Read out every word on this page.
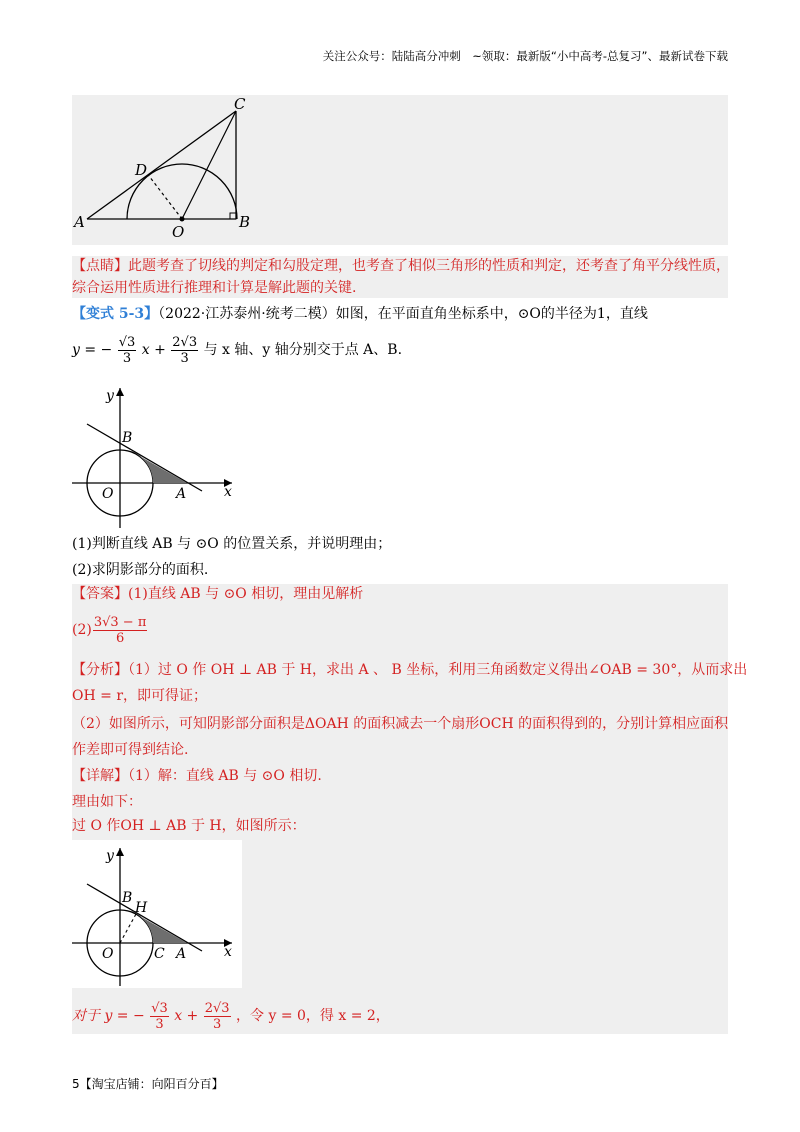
关注公众号：陆陆高分冲刺　~领取：最新版“小中高考-总复习”、最新试卷下载
A	B
C
D
O
【点睛】此题考查了切线的判定和勾股定理，也考查了相似三角形的性质和判定，还考查了角平分线性质，
综合运用性质进行推理和计算是解此题的关键.
【变式 5-3】（2022·江苏泰州·统考二模）如图，在平面直角坐标系中，⊙O的半径为1，直线
y = − $\frac{√3}{3}$ $x + \frac{2√3}{3}$ 与 x 轴、y 轴分别交于点 A、B.
y
B
O	A	x
(1)判断直线 AB 与 ⊙O 的位置关系，并说明理由；
(2)求阴影部分的面积.
【答案】(1)直线 AB 与 ⊙O 相切，理由见解析
$(2) \frac{3√3 - \pi}{6}$
【分析】（1）过 O 作 OH ⊥ AB 于 H，求出 A 、 B 坐标，利用三角函数定义得出∠OAB = 30°，从而求出
OH = r，即可得证；
（2）如图所示，可知阴影部分面积是ΔOAH 的面积减去一个扇形OCH 的面积得到的，分别计算相应面积
作差即可得到结论.
【详解】（1）解：直线 AB 与 ⊙O 相切.
理由如下：
过 O 作OH ⊥ AB 于 H，如图所示：
y
B
H
O	C A	x
对于 y = − $\frac{√3}{3}$ $x + \frac{2√3}{3}$ ，令 y = 0，得 x = 2，
5【淘宝店铺：向阳百分百】
